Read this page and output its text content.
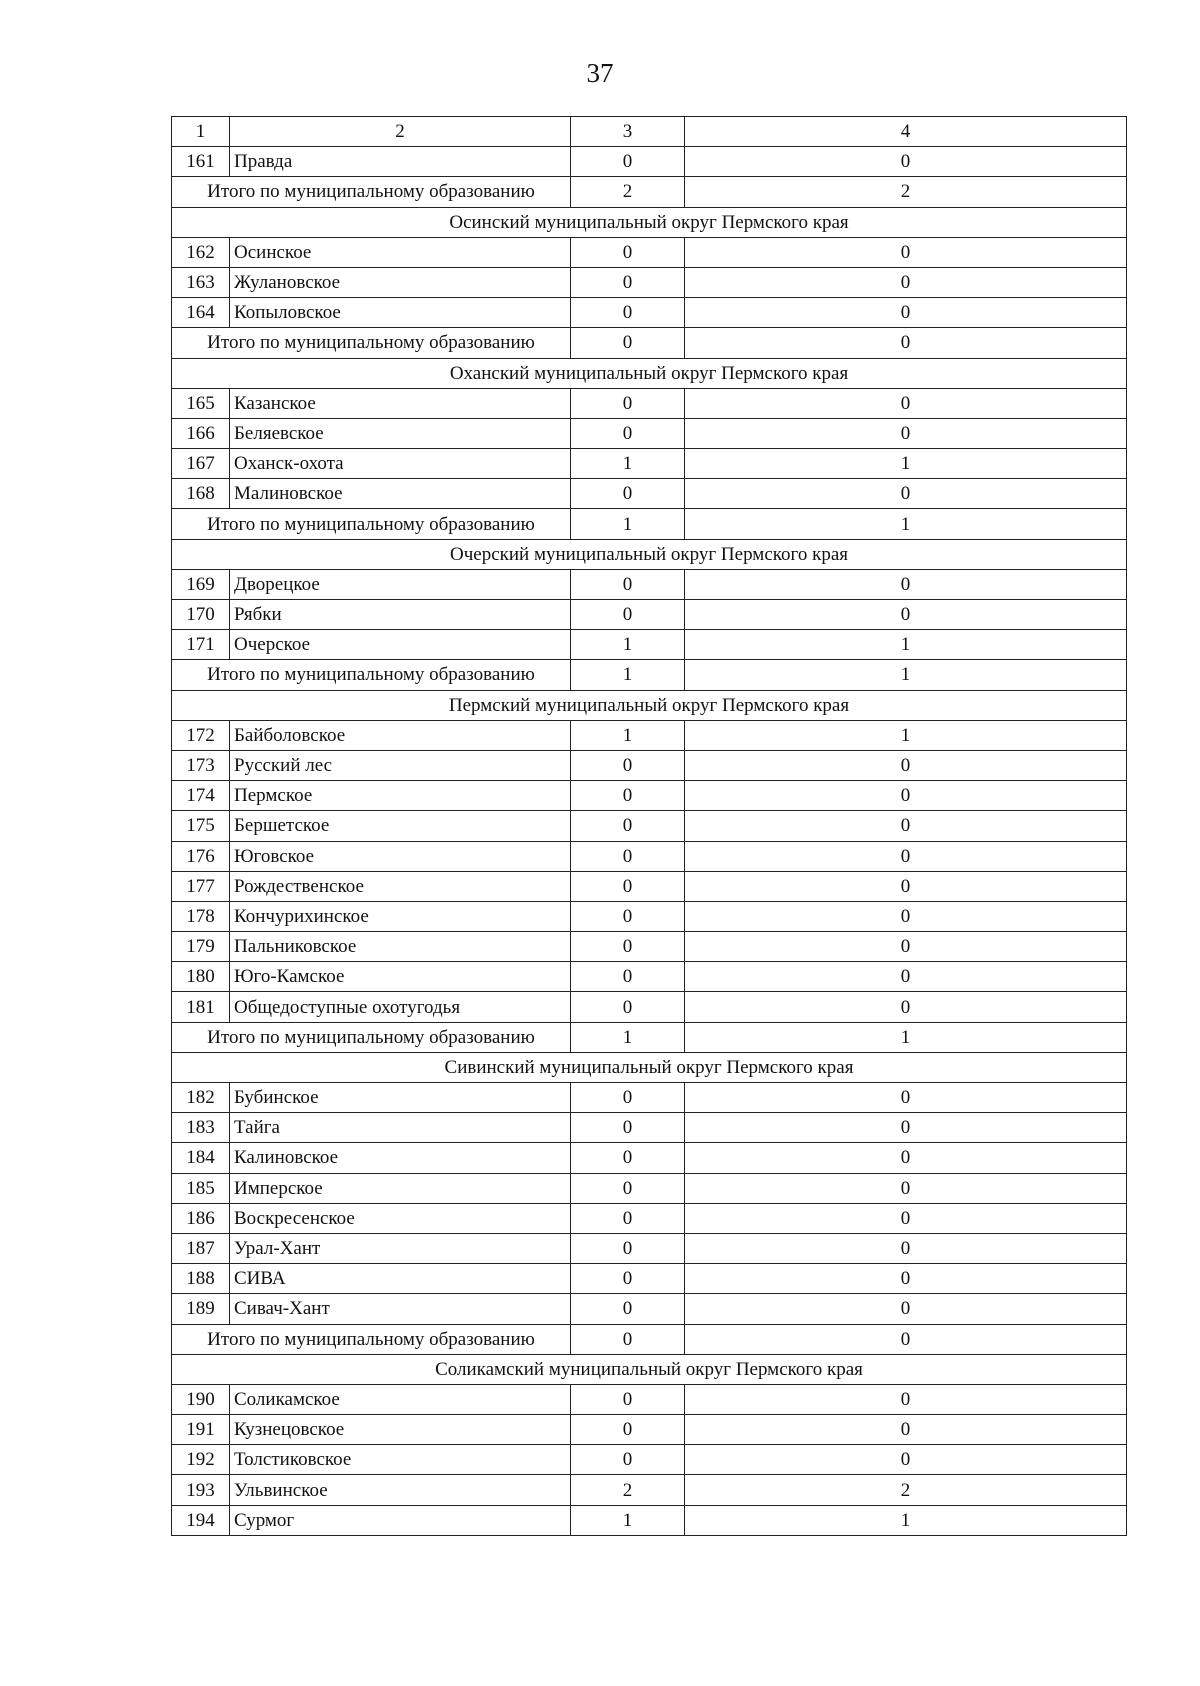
37
1	2	3	4
161	Правда	0	0
Итого по муниципальному образованию		2	2
Осинский муниципальный округ Пермского края			
162	Осинское	0	0
163	Жулановское	0	0
164	Копыловское	0	0
Итого по муниципальному образованию		0	0
Оханский муниципальный округ Пермского края			
165	Казанское	0	0
166	Беляевское	0	0
167	Оханск-охота	1	1
168	Малиновское	0	0
Итого по муниципальному образованию		1	1
Очерский муниципальный округ Пермского края			
169	Дворецкое	0	0
170	Рябки	0	0
171	Очерское	1	1
Итого по муниципальному образованию		1	1
Пермский муниципальный округ Пермского края			
172	Байболовское	1	1
173	Русский лес	0	0
174	Пермское	0	0
175	Бершетское	0	0
176	Юговское	0	0
177	Рождественское	0	0
178	Кончурихинское	0	0
179	Пальниковское	0	0
180	Юго-Камское	0	0
181	Общедоступные охотугодья	0	0
Итого по муниципальному образованию		1	1
Сивинский муниципальный округ Пермского края			
182	Бубинское	0	0
183	Тайга	0	0
184	Калиновское	0	0
185	Имперское	0	0
186	Воскресенское	0	0
187	Урал-Хант	0	0
188	СИВА	0	0
189	Сивач-Хант	0	0
Итого по муниципальному образованию		0	0
Соликамский муниципальный округ Пермского края			
190	Соликамское	0	0
191	Кузнецовское	0	0
192	Толстиковское	0	0
193	Ульвинское	2	2
194	Сурмог	1	1
